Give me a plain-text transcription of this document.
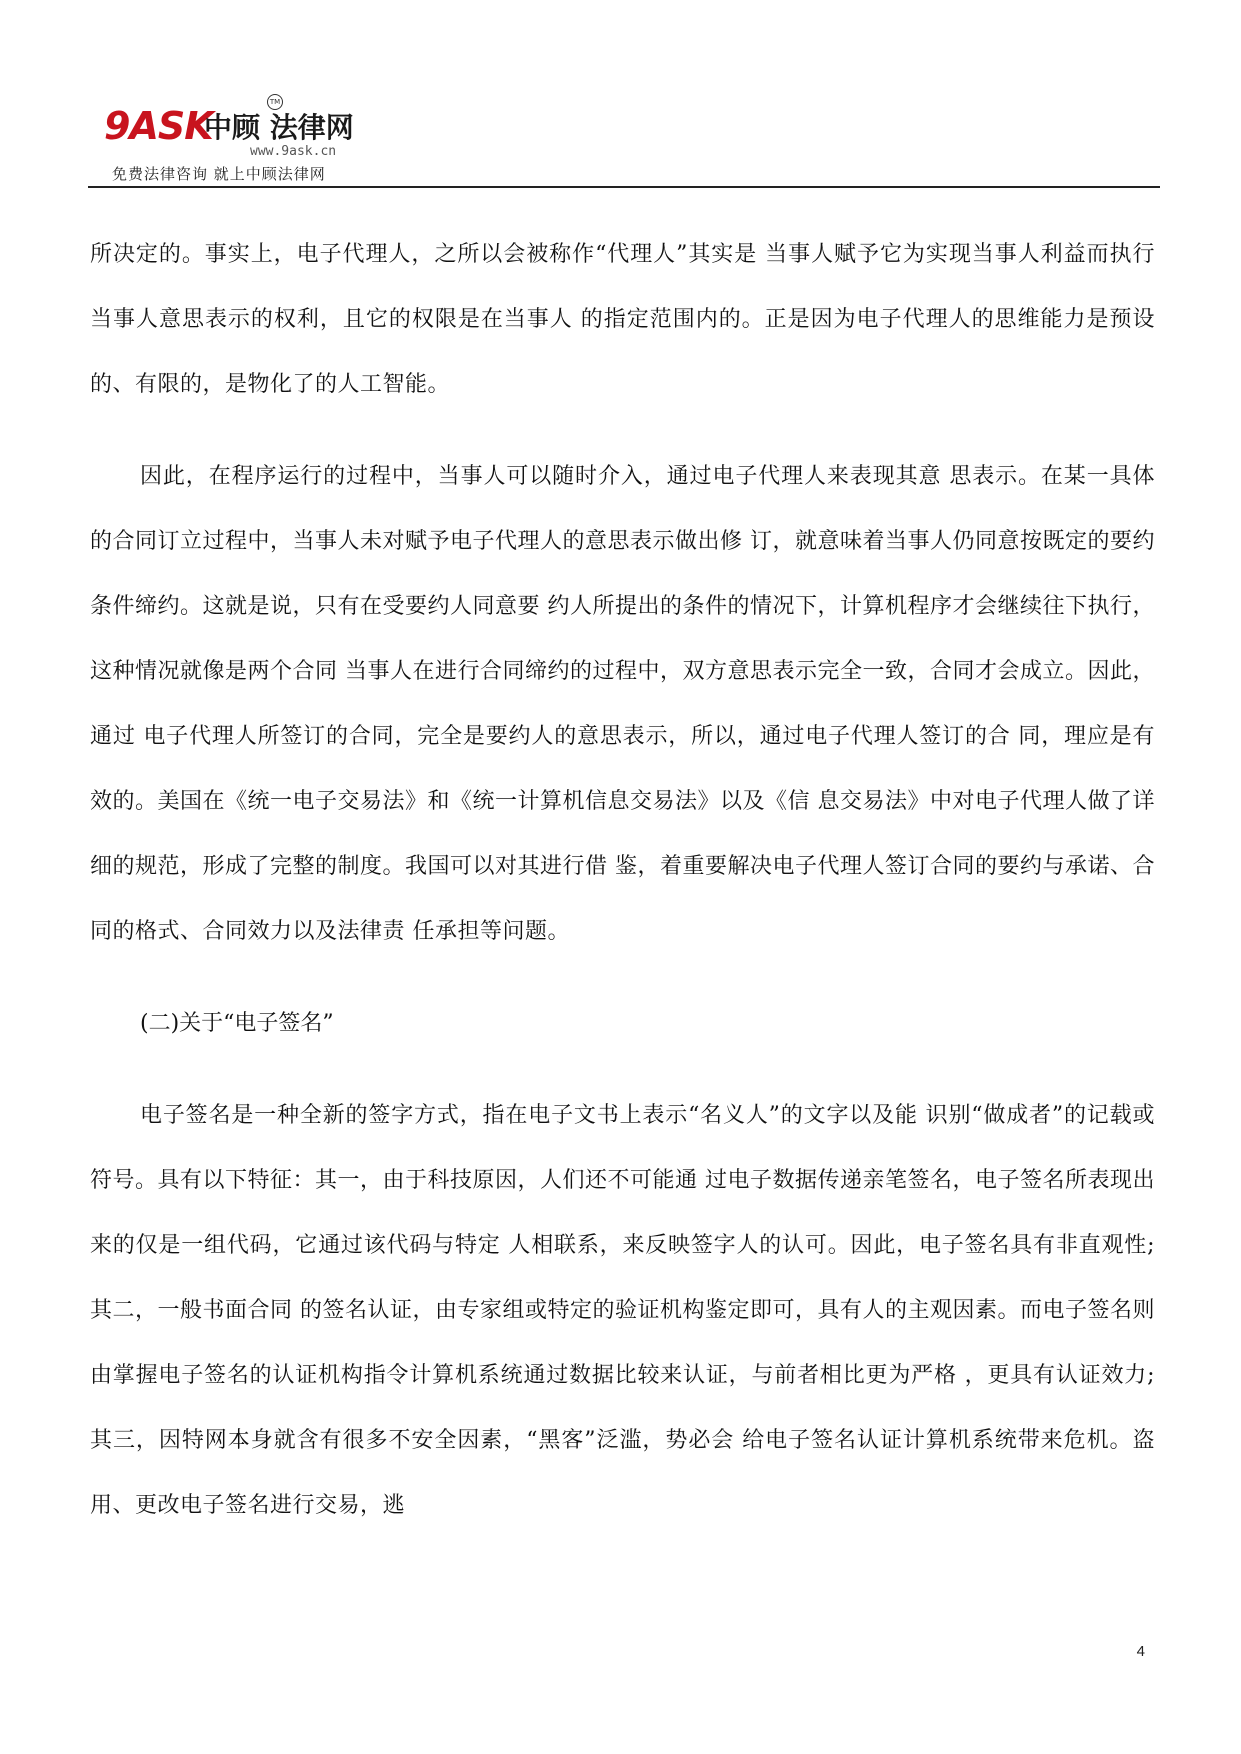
9ASK
中顾 法律网
TM
www.9ask.cn
免费法律咨询 就上中顾法律网

所决定的。事实上，电子代理人，之所以会被称作“代理人”其实是 当事人赋予它为实现当事人利益而执行当事人意思表示的权利，且它的权限是在当事人 的指定范围内的。正是因为电子代理人的思维能力是预设的、有限的，是物化了的人工智能。

因此，在程序运行的过程中，当事人可以随时介入，通过电子代理人来表现其意 思表示。在某一具体的合同订立过程中，当事人未对赋予电子代理人的意思表示做出修 订，就意味着当事人仍同意按既定的要约条件缔约。这就是说，只有在受要约人同意要 约人所提出的条件的情况下，计算机程序才会继续往下执行，这种情况就像是两个合同 当事人在进行合同缔约的过程中，双方意思表示完全一致，合同才会成立。因此，通过 电子代理人所签订的合同，完全是要约人的意思表示，所以，通过电子代理人签订的合 同，理应是有效的。美国在《统一电子交易法》和《统一计算机信息交易法》以及《信 息交易法》中对电子代理人做了详细的规范，形成了完整的制度。我国可以对其进行借 鉴，着重要解决电子代理人签订合同的要约与承诺、合同的格式、合同效力以及法律责 任承担等问题。

(二)关于“电子签名”

电子签名是一种全新的签字方式，指在电子文书上表示“名义人”的文字以及能 识别“做成者”的记载或符号。具有以下特征：其一，由于科技原因，人们还不可能通 过电子数据传递亲笔签名，电子签名所表现出来的仅是一组代码，它通过该代码与特定 人相联系，来反映签字人的认可。因此，电子签名具有非直观性;其二，一般书面合同 的签名认证，由专家组或特定的验证机构鉴定即可，具有人的主观因素。而电子签名则由掌握电子签名的认证机构指令计算机系统通过数据比较来认证，与前者相比更为严格 ，更具有认证效力;其三，因特网本身就含有很多不安全因素，“黑客”泛滥，势必会 给电子签名认证计算机系统带来危机。盗用、更改电子签名进行交易，逃

4
